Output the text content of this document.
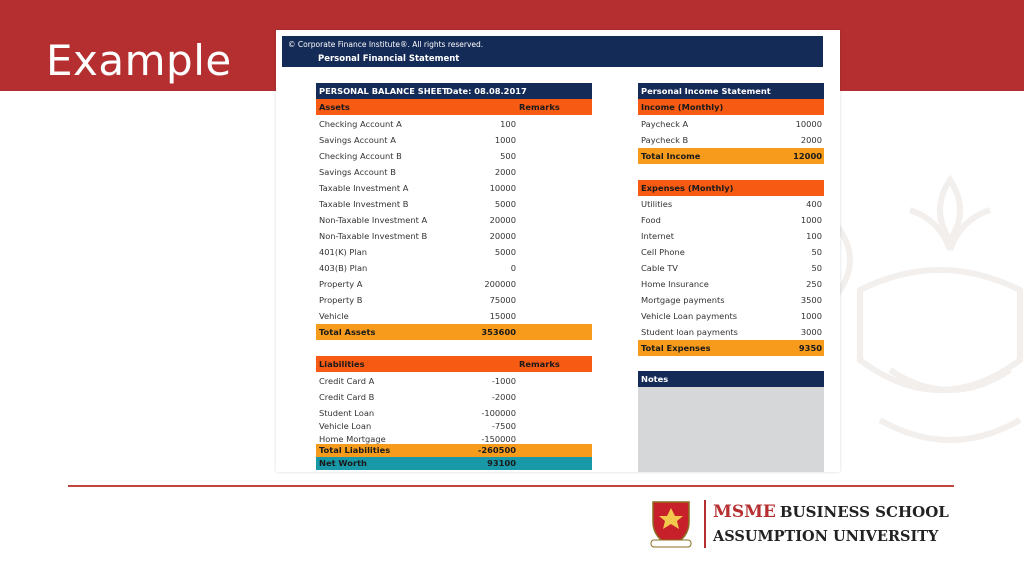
Example	© Corporate Finance Institute®. All rights reserved.
Personal Financial Statement
PERSONAL BALANCE SHEET
Date: 08.08.2017
Assets	Remarks
Checking Account A	100
Savings Account A	1000
Checking Account B	500
Savings Account B	2000
Taxable Investment A	10000
Taxable Investment B	5000
Non-Taxable Investment A	20000
Non-Taxable Investment B	20000
401(K) Plan	5000
403(B) Plan	0
Property A	200000
Property B	75000
Vehicle	15000
Total Assets	353600
Liabilities	Remarks
Credit Card A	-1000
Credit Card B	-2000
Student Loan	-100000
Vehicle Loan	-7500
Home Mortgage	-150000
Total Liabilities	-260500
Net Worth	93100
Personal Income Statement
Income (Monthly)
Paycheck A	10000
Paycheck B	2000
Total Income	12000
Expenses (Monthly)
Utilities	400
Food	1000
Internet	100
Cell Phone	50
Cable TV	50
Home Insurance	250
Mortgage payments	3500
Vehicle Loan payments	1000
Student loan payments	3000
Total Expenses	9350
Notes
MSME BUSINESS SCHOOL
ASSUMPTION UNIVERSITY
